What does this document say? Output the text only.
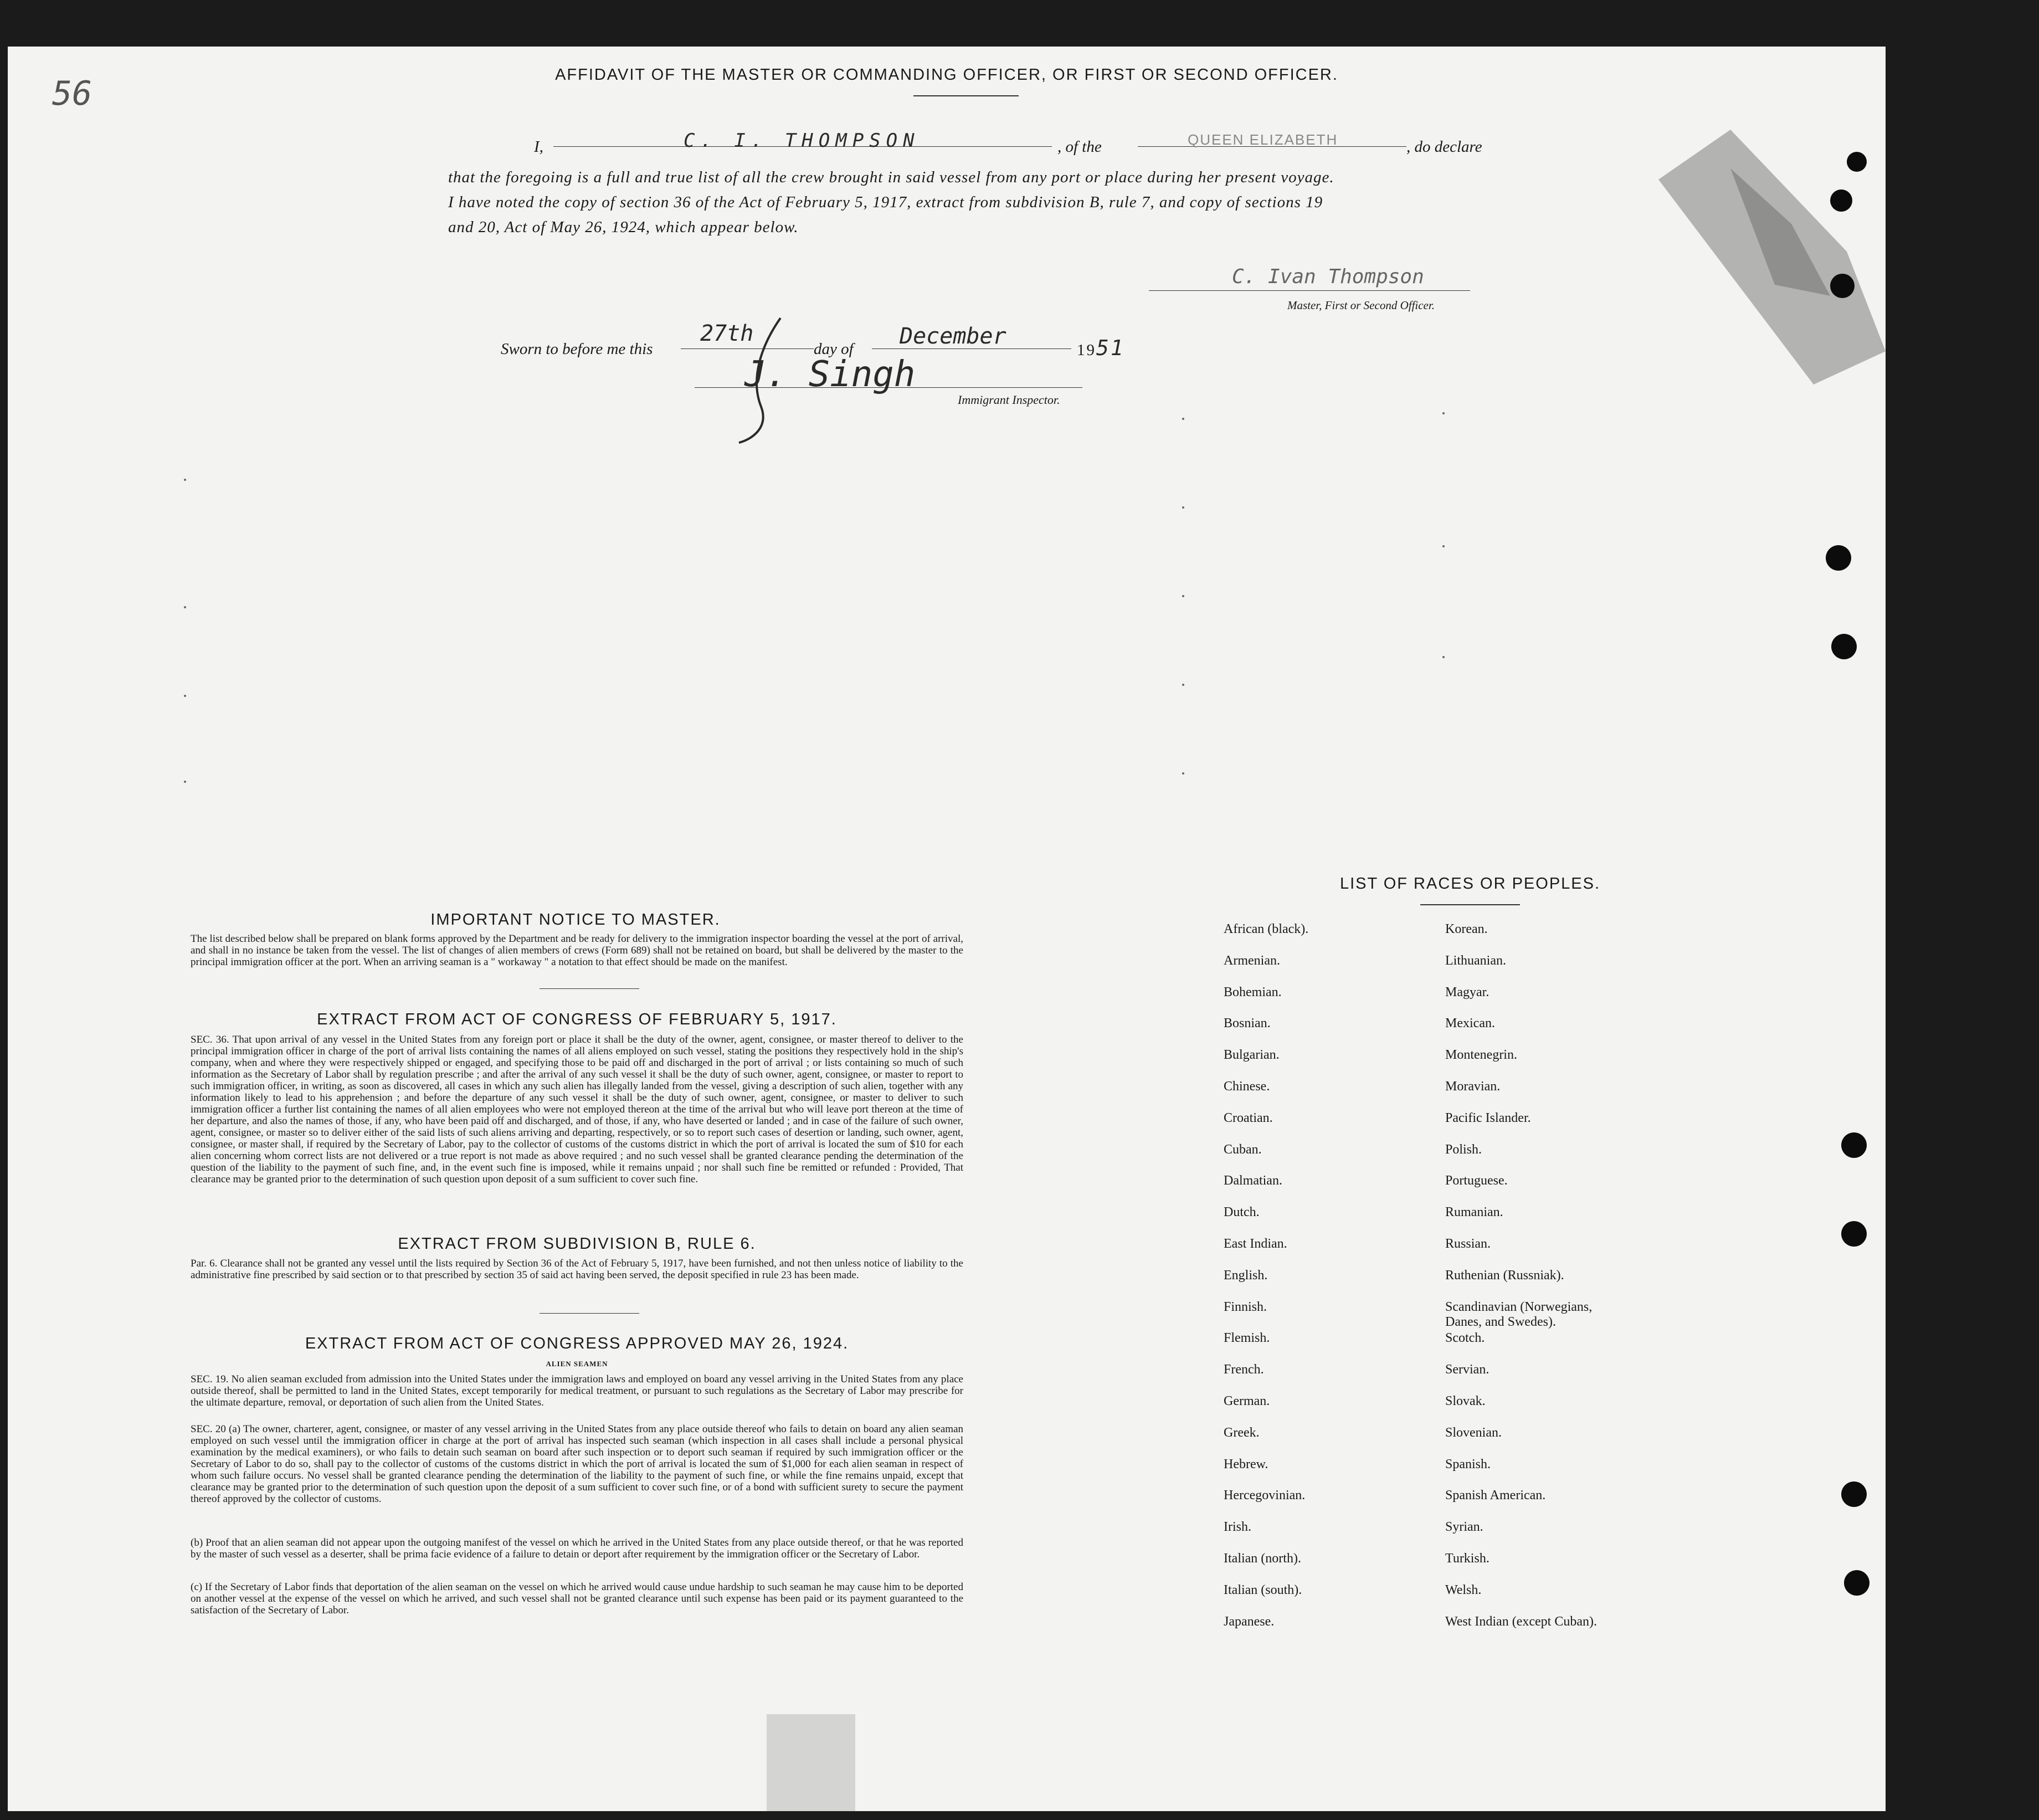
56	AFFIDAVIT OF THE MASTER OR COMMANDING OFFICER, OR FIRST OR SECOND OFFICER.
I,	C. I. THOMPSON	, of the	QUEEN ELIZABETH	, do declare
that the foregoing is a full and true list of all the crew brought in said vessel from any port or place during her present voyage.
I have noted the copy of section 36 of the Act of February 5, 1917, extract from subdivision B, rule 7, and copy of sections 19
and 20, Act of May 26, 1924, which appear below.
C. Ivan Thompson
Master, First or Second Officer.
Sworn to before me this
27th
day of December
1951
J. Singh
Immigrant Inspector.
IMPORTANT NOTICE TO MASTER.
The list described below shall be prepared on blank forms approved by the Department and be ready for delivery to the immigration inspector boarding the vessel at the port of arrival, and shall in no instance be taken from the vessel. The list of changes of alien members of crews (Form 689) shall not be retained on board, but shall be delivered by the master to the principal immigration officer at the port. When an arriving seaman is a " workaway " a notation to that effect should be made on the manifest.
EXTRACT FROM ACT OF CONGRESS OF FEBRUARY 5, 1917.
SEC. 36. That upon arrival of any vessel in the United States from any foreign port or place it shall be the duty of the owner, agent, consignee, or master thereof to deliver to the principal immigration officer in charge of the port of arrival lists containing the names of all aliens employed on such vessel, stating the positions they respectively hold in the ship's company, when and where they were respectively shipped or engaged, and specifying those to be paid off and discharged in the port of arrival ; or lists containing so much of such information as the Secretary of Labor shall by regulation prescribe ; and after the arrival of any such vessel it shall be the duty of such owner, agent, consignee, or master to report to such immigration officer, in writing, as soon as discovered, all cases in which any such alien has illegally landed from the vessel, giving a description of such alien, together with any information likely to lead to his apprehension ; and before the departure of any such vessel it shall be the duty of such owner, agent, consignee, or master to deliver to such immigration officer a further list containing the names of all alien employees who were not employed thereon at the time of the arrival but who will leave port thereon at the time of her departure, and also the names of those, if any, who have been paid off and discharged, and of those, if any, who have deserted or landed ; and in case of the failure of such owner, agent, consignee, or master so to deliver either of the said lists of such aliens arriving and departing, respectively, or so to report such cases of desertion or landing, such owner, agent, consignee, or master shall, if required by the Secretary of Labor, pay to the collector of customs of the customs district in which the port of arrival is located the sum of $10 for each alien concerning whom correct lists are not delivered or a true report is not made as above required ; and no such vessel shall be granted clearance pending the determination of the question of the liability to the payment of such fine, and, in the event such fine is imposed, while it remains unpaid ; nor shall such fine be remitted or refunded : Provided, That clearance may be granted prior to the determination of such question upon deposit of a sum sufficient to cover such fine.
EXTRACT FROM SUBDIVISION B, RULE 6.
Par. 6. Clearance shall not be granted any vessel until the lists required by Section 36 of the Act of February 5, 1917, have been furnished, and not then unless notice of liability to the administrative fine prescribed by said section or to that prescribed by section 35 of said act having been served, the deposit specified in rule 23 has been made.
EXTRACT FROM ACT OF CONGRESS APPROVED MAY 26, 1924.
ALIEN SEAMEN
SEC. 19. No alien seaman excluded from admission into the United States under the immigration laws and employed on board any vessel arriving in the United States from any place outside thereof, shall be permitted to land in the United States, except temporarily for medical treatment, or pursuant to such regulations as the Secretary of Labor may prescribe for the ultimate departure, removal, or deportation of such alien from the United States.
SEC. 20 (a) The owner, charterer, agent, consignee, or master of any vessel arriving in the United States from any place outside thereof who fails to detain on board any alien seaman employed on such vessel until the immigration officer in charge at the port of arrival has inspected such seaman (which inspection in all cases shall include a personal physical examination by the medical examiners), or who fails to detain such seaman on board after such inspection or to deport such seaman if required by such immigration officer or the Secretary of Labor to do so, shall pay to the collector of customs of the customs district in which the port of arrival is located the sum of $1,000 for each alien seaman in respect of whom such failure occurs. No vessel shall be granted clearance pending the determination of the liability to the payment of such fine, or while the fine remains unpaid, except that clearance may be granted prior to the determination of such question upon the deposit of a sum sufficient to cover such fine, or of a bond with sufficient surety to secure the payment thereof approved by the collector of customs.
(b) Proof that an alien seaman did not appear upon the outgoing manifest of the vessel on which he arrived in the United States from any place outside thereof, or that he was reported by the master of such vessel as a deserter, shall be prima facie evidence of a failure to detain or deport after requirement by the immigration officer or the Secretary of Labor.
(c) If the Secretary of Labor finds that deportation of the alien seaman on the vessel on which he arrived would cause undue hardship to such seaman he may cause him to be deported on another vessel at the expense of the vessel on which he arrived, and such vessel shall not be granted clearance until such expense has been paid or its payment guaranteed to the satisfaction of the Secretary of Labor.
LIST OF RACES OR PEOPLES.
African (black).
Armenian.
Bohemian.
Bosnian.
Bulgarian.
Chinese.
Croatian.
Cuban.
Dalmatian.
Dutch.
East Indian.
English.
Finnish.
Flemish.
French.
German.
Greek.
Hebrew.
Hercegovinian.
Irish.
Italian (north).
Italian (south).
Japanese.
Korean.
Lithuanian.
Magyar.
Mexican.
Montenegrin.
Moravian.
Pacific Islander.
Polish.
Portuguese.
Rumanian.
Russian.
Ruthenian (Russniak).
Scandinavian (Norwegians,
Danes, and Swedes).
Scotch.
Servian.
Slovak.
Slovenian.
Spanish.
Spanish American.
Syrian.
Turkish.
Welsh.
West Indian (except Cuban).
